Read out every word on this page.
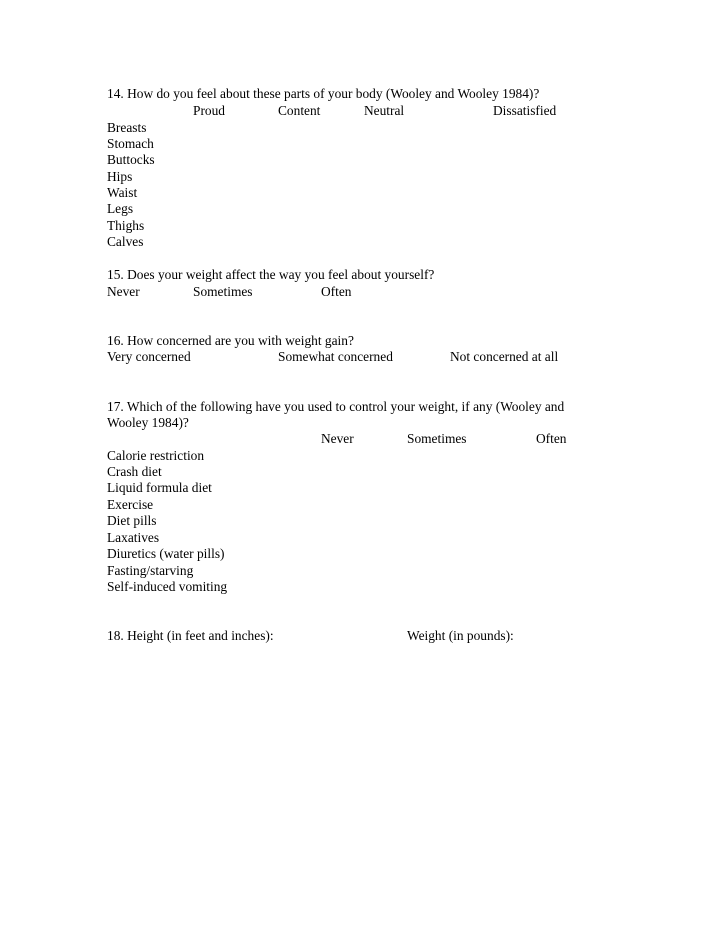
14. How do you feel about these parts of your body (Wooley and Wooley 1984)?
Proud	Content	Neutral	Dissatisfied
Breasts
Stomach
Buttocks
Hips
Waist
Legs
Thighs
Calves
15. Does your weight affect the way you feel about yourself?
Never	Sometimes	Often
16. How concerned are you with weight gain?
Very concerned	Somewhat concerned	Not concerned at all
17. Which of the following have you used to control your weight, if any (Wooley and
Wooley 1984)?
Never	Sometimes	Often
Calorie restriction
Crash diet
Liquid formula diet
Exercise
Diet pills
Laxatives
Diuretics (water pills)
Fasting/starving
Self-induced vomiting
18. Height (in feet and inches):	Weight (in pounds):
